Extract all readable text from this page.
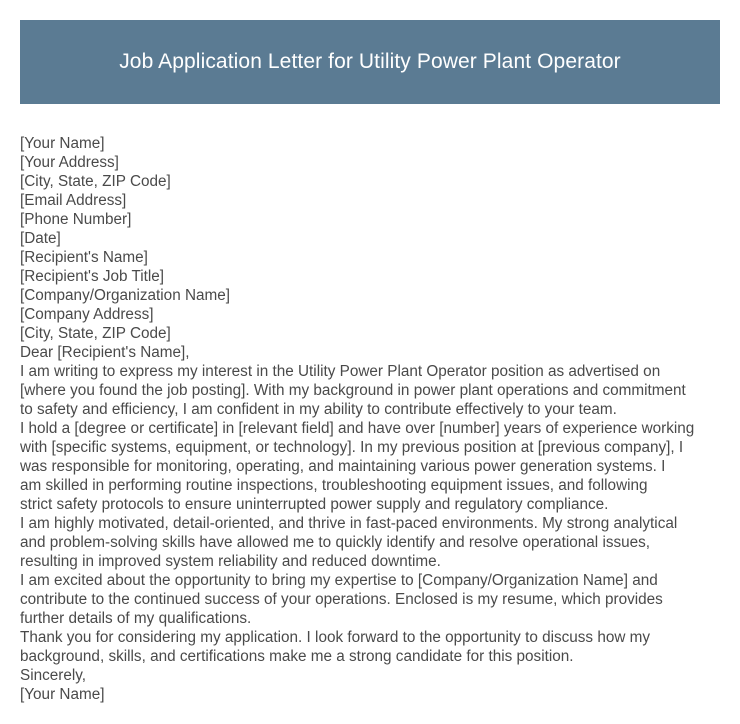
Job Application Letter for Utility Power Plant Operator
[Your Name]
[Your Address]
[City, State, ZIP Code]
[Email Address]
[Phone Number]
[Date]
[Recipient's Name]
[Recipient's Job Title]
[Company/Organization Name]
[Company Address]
[City, State, ZIP Code]
Dear [Recipient's Name],
I am writing to express my interest in the Utility Power Plant Operator position as advertised on
[where you found the job posting]. With my background in power plant operations and commitment
to safety and efficiency, I am confident in my ability to contribute effectively to your team.
I hold a [degree or certificate] in [relevant field] and have over [number] years of experience working
with [specific systems, equipment, or technology]. In my previous position at [previous company], I
was responsible for monitoring, operating, and maintaining various power generation systems. I
am skilled in performing routine inspections, troubleshooting equipment issues, and following
strict safety protocols to ensure uninterrupted power supply and regulatory compliance.
I am highly motivated, detail-oriented, and thrive in fast-paced environments. My strong analytical
and problem-solving skills have allowed me to quickly identify and resolve operational issues,
resulting in improved system reliability and reduced downtime.
I am excited about the opportunity to bring my expertise to [Company/Organization Name] and
contribute to the continued success of your operations. Enclosed is my resume, which provides
further details of my qualifications.
Thank you for considering my application. I look forward to the opportunity to discuss how my
background, skills, and certifications make me a strong candidate for this position.
Sincerely,
[Your Name]
